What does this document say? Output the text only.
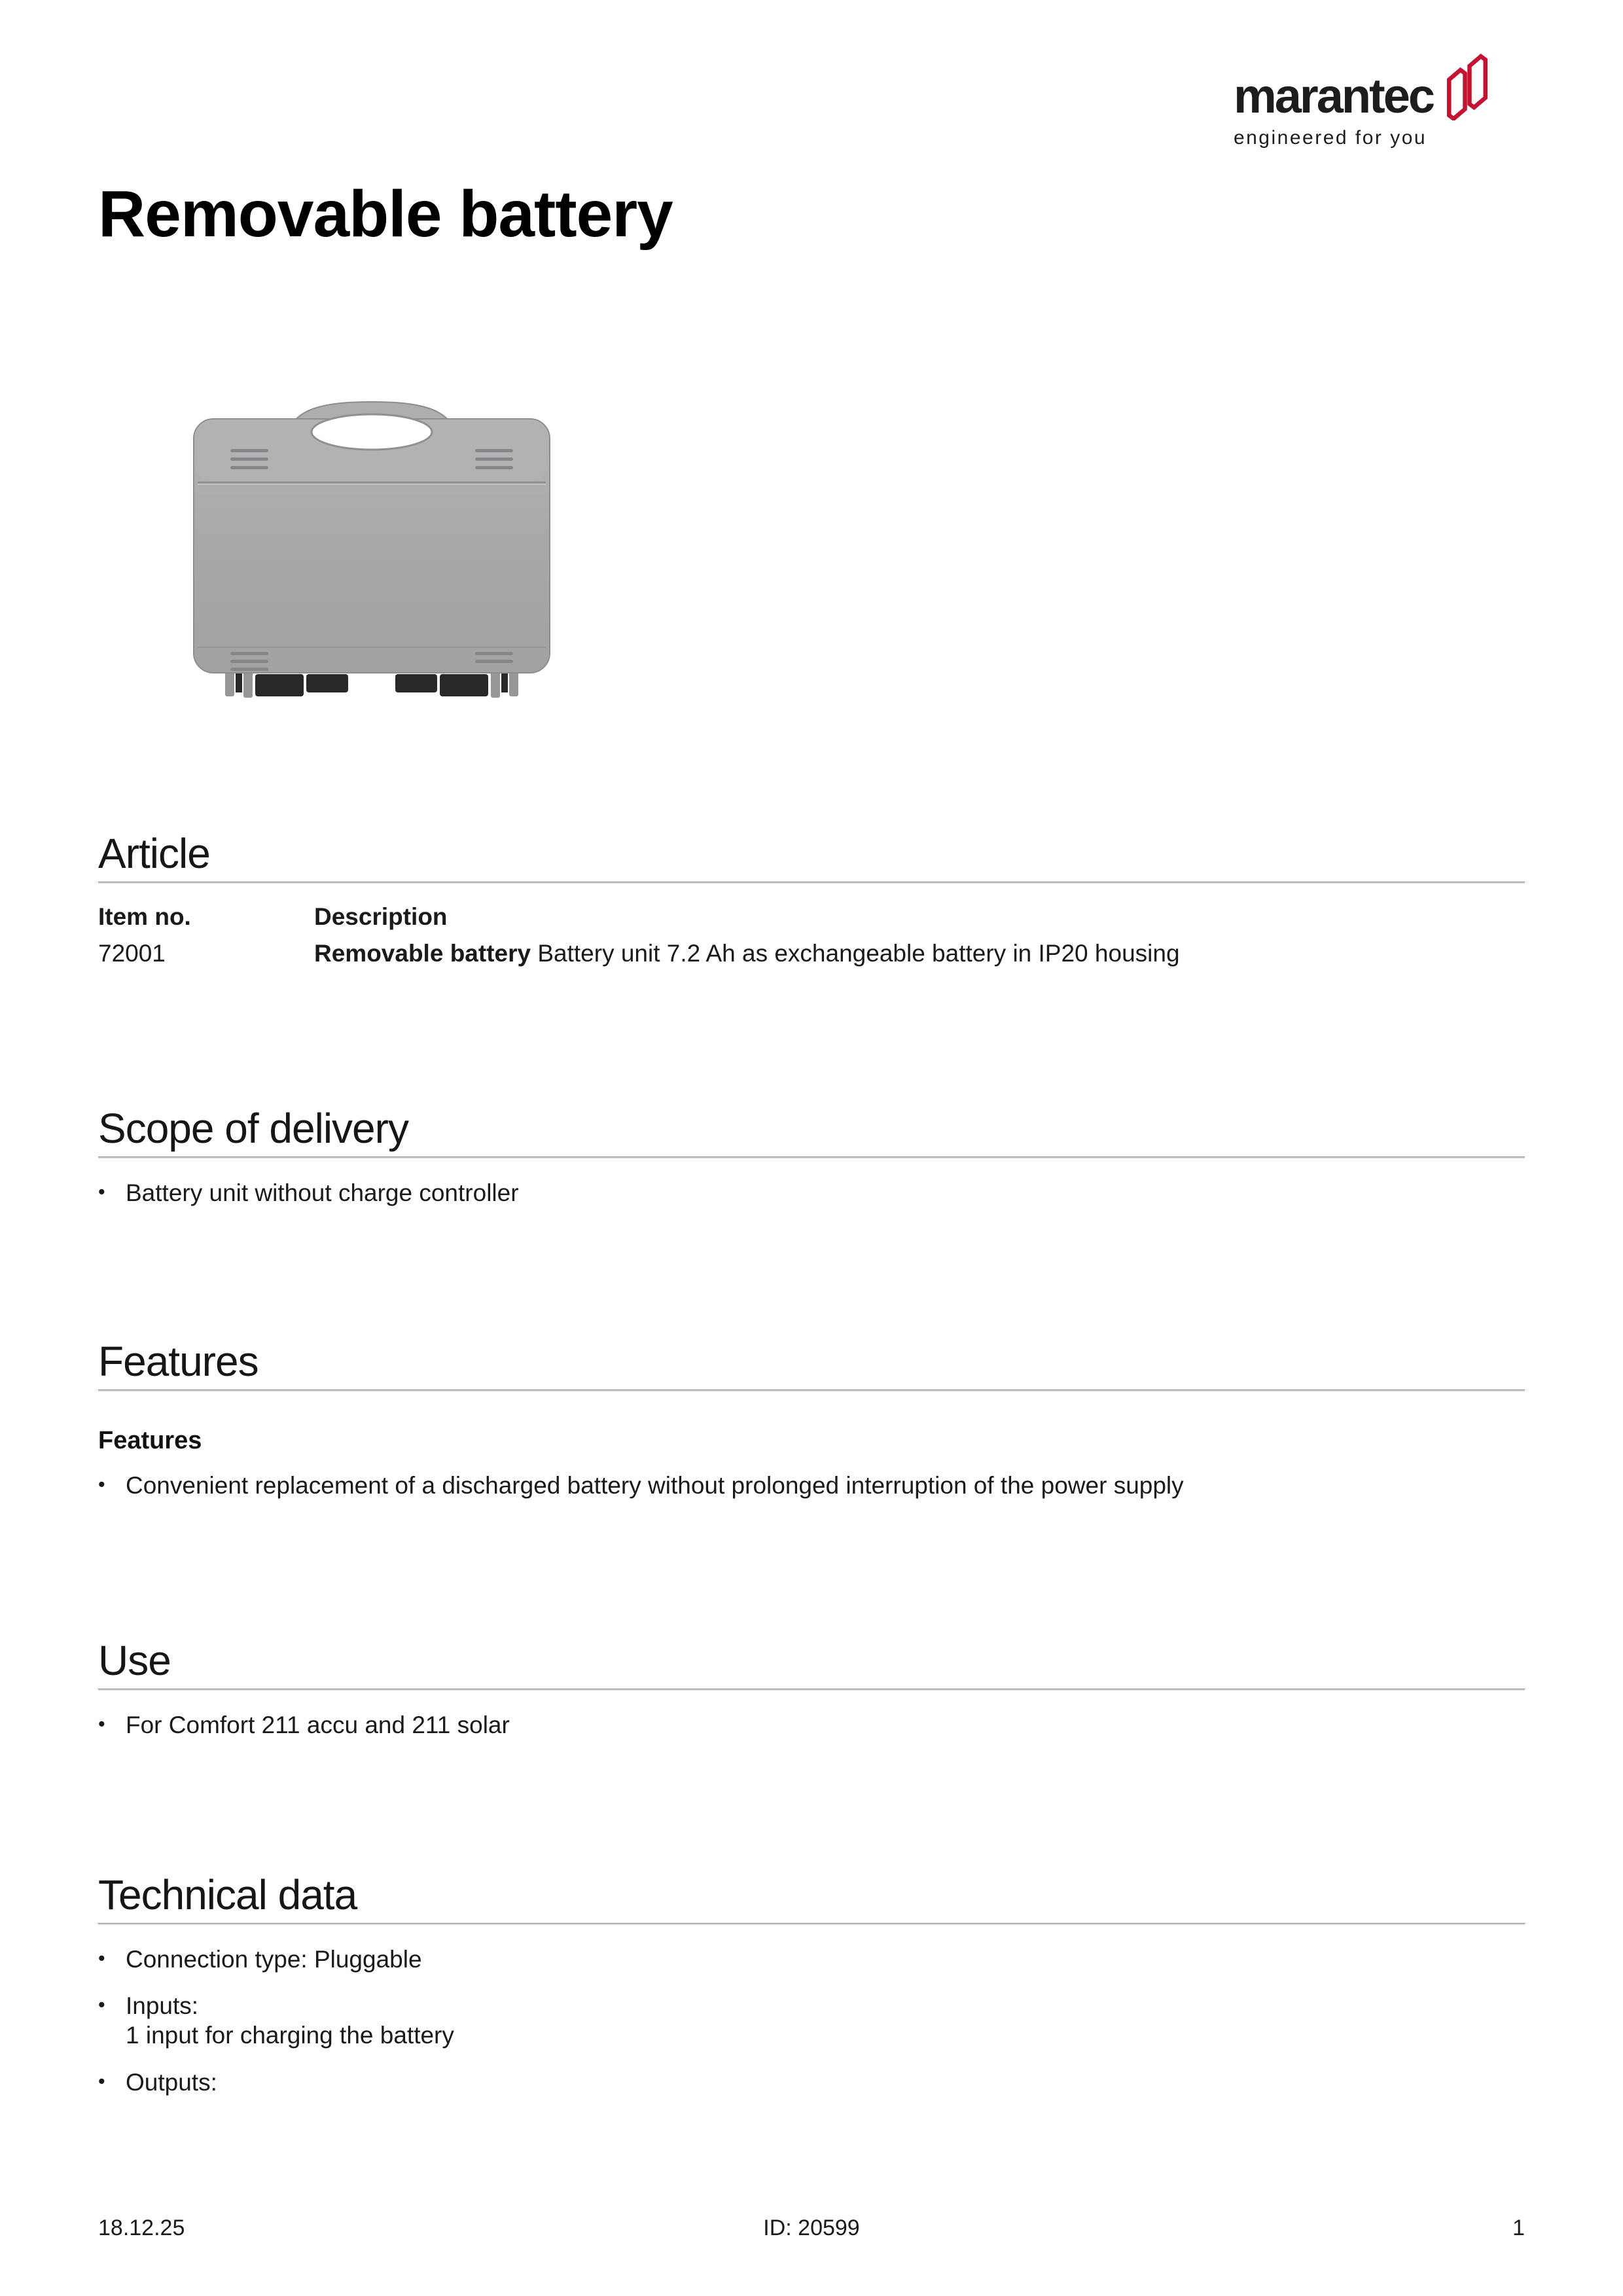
marantec
engineered for you
Removable battery
Article
Item no.	Description
72001	Removable battery Battery unit 7.2 Ah as exchangeable battery in IP20 housing
Scope of delivery
• Battery unit without charge controller
Features
Features
• Convenient replacement of a discharged battery without prolonged interruption of the power supply
Use
• For Comfort 211 accu and 211 solar
Technical data
• Connection type: Pluggable
• Inputs:
1 input for charging the battery
• Outputs:
18.12.25	ID: 20599	1
